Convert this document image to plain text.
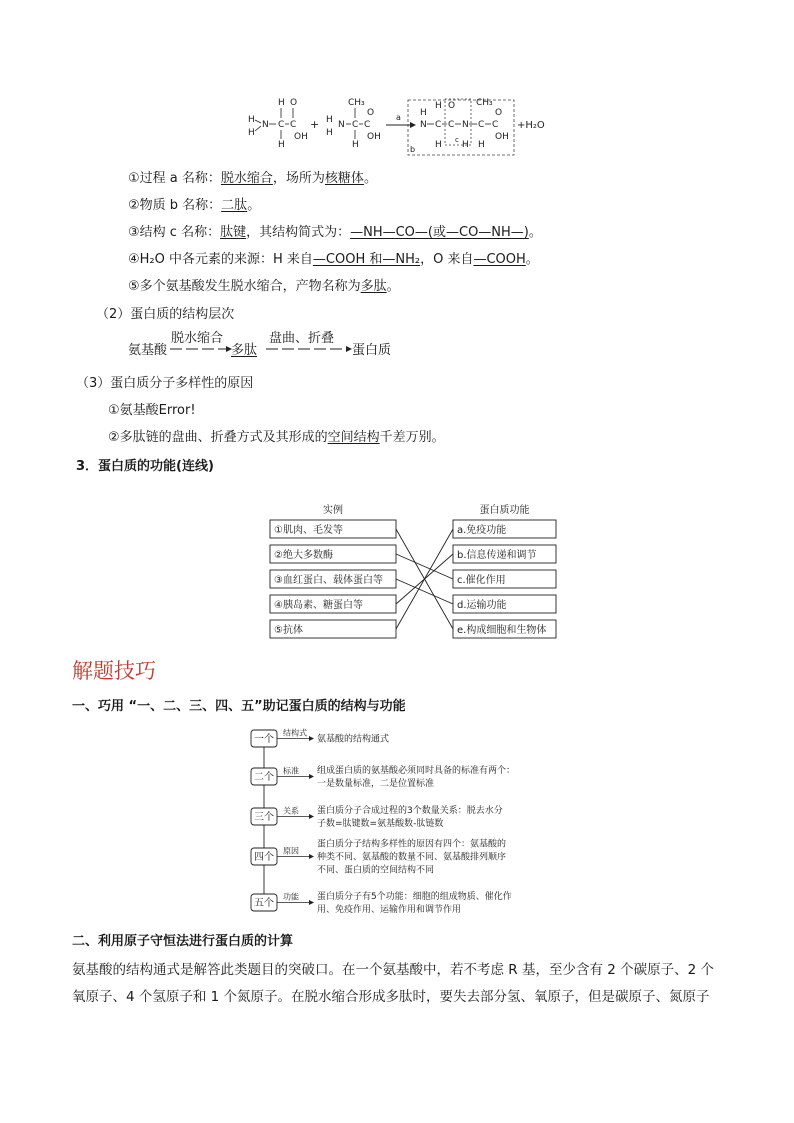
H O
H N C C
H
H
OH
+
CH₃
H N C C
O
H
H
OH
a
b
H
N
H
C
H
O
C N
H
c
CH₃
C C
O
H
OH
+H₂O
①过程 a 名称：脱水缩合，场所为核糖体。
②物质 b 名称：二肽。
③结构 c 名称：肽键，其结构简式为：—NH—CO—(或—CO—NH—)。
④H₂O 中各元素的来源：H 来自—COOH 和—NH₂，O 来自—COOH。
⑤多个氨基酸发生脱水缩合，产物名称为多肽。
（2）蛋白质的结构层次
氨基酸
脱水缩合
多肽
盘曲、折叠
蛋白质
（3）蛋白质分子多样性的原因
①氨基酸Error!
②多肽链的盘曲、折叠方式及其形成的空间结构千差万别。
3．蛋白质的功能(连线)
实例	蛋白质功能
①肌肉、毛发等
②绝大多数酶
③血红蛋白、载体蛋白等
④胰岛素、糖蛋白等
⑤抗体
a.免疫功能
b.信息传递和调节
c.催化作用
d.运输功能
e.构成细胞和生物体
解题技巧
一、巧用 “一、二、三、四、五”助记蛋白质的结构与功能
一个
结构式
氨基酸的结构通式
二个
标准 组成蛋白质的氨基酸必须同时具备的标准有两个：
一是数量标准，二是位置标准
三个
关系 蛋白质分子合成过程的3个数量关系：脱去水分
子数=肽键数=氨基酸数-肽链数
四个
原因
蛋白质分子结构多样性的原因有四个：氨基酸的
种类不同、氨基酸的数量不同、氨基酸排列顺序
不同、蛋白质的空间结构不同
五个
功能 蛋白质分子有5个功能：细胞的组成物质、催化作
用、免疫作用、运输作用和调节作用
二、利用原子守恒法进行蛋白质的计算
氨基酸的结构通式是解答此类题目的突破口。在一个氨基酸中，若不考虑 R 基，至少含有 2 个碳原子、2 个
氧原子、4 个氢原子和 1 个氮原子。在脱水缩合形成多肽时，要失去部分氢、氧原子，但是碳原子、氮原子
